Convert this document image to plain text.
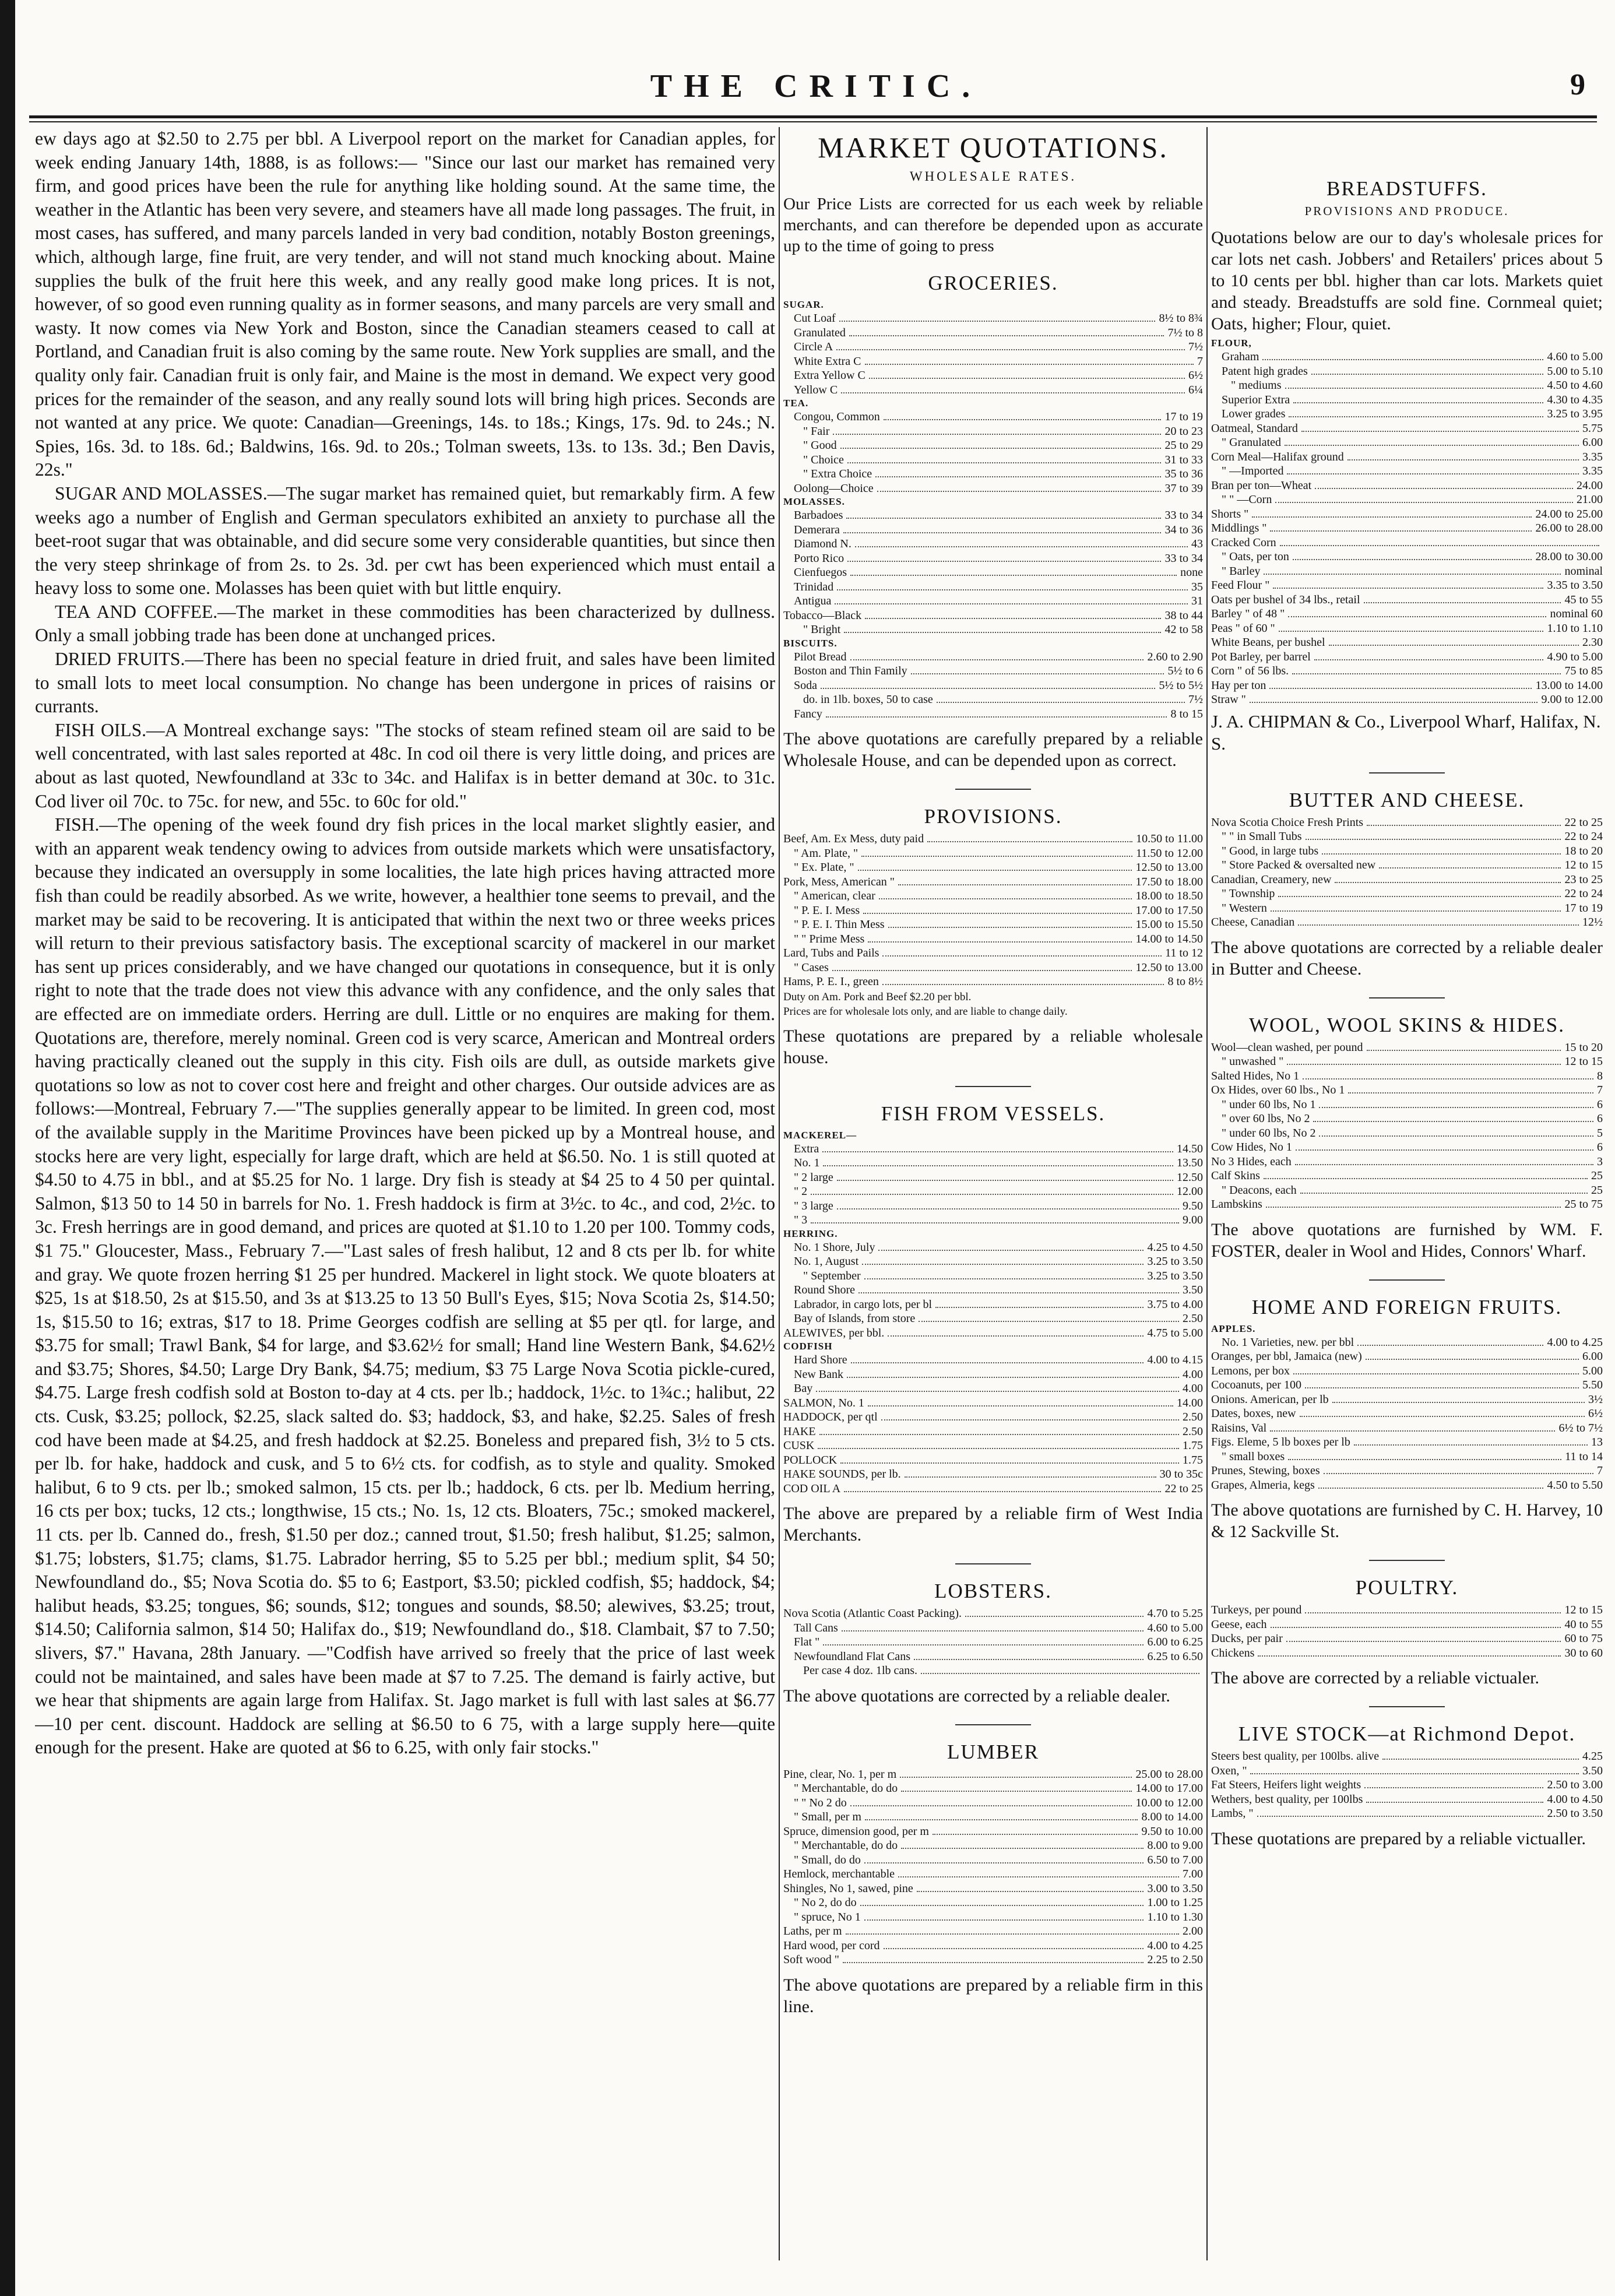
THE CRITIC.	9

ew days ago at $2.50 to 2.75 per bbl. A Liverpool report on the market for Canadian apples, for week ending January 14th, 1888, is as follows:— "Since our last our market has remained very firm, and good prices have been the rule for anything like holding sound. At the same time, the weather in the Atlantic has been very severe, and steamers have all made long passages. The fruit, in most cases, has suffered, and many parcels landed in very bad condition, notably Boston greenings, which, although large, fine fruit, are very tender, and will not stand much knocking about. Maine supplies the bulk of the fruit here this week, and any really good make long prices. It is not, however, of so good even running quality as in former seasons, and many parcels are very small and wasty. It now comes via New York and Boston, since the Canadian steamers ceased to call at Portland, and Canadian fruit is also coming by the same route. New York supplies are small, and the quality only fair. Canadian fruit is only fair, and Maine is the most in demand. We expect very good prices for the remainder of the season, and any really sound lots will bring high prices. Seconds are not wanted at any price. We quote: Canadian—Greenings, 14s. to 18s.; Kings, 17s. 9d. to 24s.; N. Spies, 16s. 3d. to 18s. 6d.; Baldwins, 16s. 9d. to 20s.; Tolman sweets, 13s. to 13s. 3d.; Ben Davis, 22s."

SUGAR AND MOLASSES.—The sugar market has remained quiet, but remarkably firm. A few weeks ago a number of English and German speculators exhibited an anxiety to purchase all the beet-root sugar that was obtainable, and did secure some very considerable quantities, but since then the very steep shrinkage of from 2s. to 2s. 3d. per cwt has been experienced which must entail a heavy loss to some one. Molasses has been quiet with but little enquiry.

TEA AND COFFEE.—The market in these commodities has been characterized by dullness. Only a small jobbing trade has been done at unchanged prices.

DRIED FRUITS.—There has been no special feature in dried fruit, and sales have been limited to small lots to meet local consumption. No change has been undergone in prices of raisins or currants.

FISH OILS.—A Montreal exchange says: "The stocks of steam refined steam oil are said to be well concentrated, with last sales reported at 48c. In cod oil there is very little doing, and prices are about as last quoted, Newfoundland at 33c to 34c. and Halifax is in better demand at 30c. to 31c. Cod liver oil 70c. to 75c. for new, and 55c. to 60c for old."

FISH.—The opening of the week found dry fish prices in the local market slightly easier, and with an apparent weak tendency owing to advices from outside markets which were unsatisfactory, because they indicated an oversupply in some localities, the late high prices having attracted more fish than could be readily absorbed. As we write, however, a healthier tone seems to prevail, and the market may be said to be recovering. It is anticipated that within the next two or three weeks prices will return to their previous satisfactory basis. The exceptional scarcity of mackerel in our market has sent up prices considerably, and we have changed our quotations in consequence, but it is only right to note that the trade does not view this advance with any confidence, and the only sales that are effected are on immediate orders. Herring are dull. Little or no enquires are making for them. Quotations are, therefore, merely nominal. Green cod is very scarce, American and Montreal orders having practically cleaned out the supply in this city. Fish oils are dull, as outside markets give quotations so low as not to cover cost here and freight and other charges. Our outside advices are as follows:—Montreal, February 7.—"The supplies generally appear to be limited. In green cod, most of the available supply in the Maritime Provinces have been picked up by a Montreal house, and stocks here are very light, especially for large draft, which are held at $6.50. No. 1 is still quoted at $4.50 to 4.75 in bbl., and at $5.25 for No. 1 large. Dry fish is steady at $4 25 to 4 50 per quintal. Salmon, $13 50 to 14 50 in barrels for No. 1. Fresh haddock is firm at 3½c. to 4c., and cod, 2½c. to 3c. Fresh herrings are in good demand, and prices are quoted at $1.10 to 1.20 per 100. Tommy cods, $1 75." Gloucester, Mass., February 7.—"Last sales of fresh halibut, 12 and 8 cts per lb. for white and gray. We quote frozen herring $1 25 per hundred. Mackerel in light stock. We quote bloaters at $25, 1s at $18.50, 2s at $15.50, and 3s at $13.25 to 13 50 Bull's Eyes, $15; Nova Scotia 2s, $14.50; 1s, $15.50 to 16; extras, $17 to 18. Prime Georges codfish are selling at $5 per qtl. for large, and $3.75 for small; Trawl Bank, $4 for large, and $3.62½ for small; Hand line Western Bank, $4.62½ and $3.75; Shores, $4.50; Large Dry Bank, $4.75; medium, $3 75 Large Nova Scotia pickle-cured, $4.75. Large fresh codfish sold at Boston to-day at 4 cts. per lb.; haddock, 1½c. to 1¾c.; halibut, 22 cts. Cusk, $3.25; pollock, $2.25, slack salted do. $3; haddock, $3, and hake, $2.25. Sales of fresh cod have been made at $4.25, and fresh haddock at $2.25. Boneless and prepared fish, 3½ to 5 cts. per lb. for hake, haddock and cusk, and 5 to 6½ cts. for codfish, as to style and quality. Smoked halibut, 6 to 9 cts. per lb.; smoked salmon, 15 cts. per lb.; haddock, 6 cts. per lb. Medium herring, 16 cts per box; tucks, 12 cts.; longthwise, 15 cts.; No. 1s, 12 cts. Bloaters, 75c.; smoked mackerel, 11 cts. per lb. Canned do., fresh, $1.50 per doz.; canned trout, $1.50; fresh halibut, $1.25; salmon, $1.75; lobsters, $1.75; clams, $1.75. Labrador herring, $5 to 5.25 per bbl.; medium split, $4 50; Newfoundland do., $5; Nova Scotia do. $5 to 6; Eastport, $3.50; pickled codfish, $5; haddock, $4; halibut heads, $3.25; tongues, $6; sounds, $12; tongues and sounds, $8.50; alewives, $3.25; trout, $14.50; California salmon, $14 50; Halifax do., $19; Newfoundland do., $18. Clambait, $7 to 7.50; slivers, $7." Havana, 28th January. —"Codfish have arrived so freely that the price of last week could not be maintained, and sales have been made at $7 to 7.25. The demand is fairly active, but we hear that shipments are again large from Halifax. St. Jago market is full with last sales at $6.77—10 per cent. discount. Haddock are selling at $6.50 to 6 75, with a large supply here—quite enough for the present. Hake are quoted at $6 to 6.25, with only fair stocks."

MARKET QUOTATIONS.
WHOLESALE RATES.

Our Price Lists are corrected for us each week by reliable merchants, and can therefore be depended upon as accurate up to the time of going to press

GROCERIES.
SUGAR.
Cut Loaf	8½ to 8¾
Granulated	7½ to 8
Circle A	7½
White Extra C	7
Extra Yellow C	6½
Yellow C	6¼
TEA.
Congou, Common	17 to 19
" Fair	20 to 23
" Good	25 to 29
" Choice	31 to 33
" Extra Choice	35 to 36
Oolong—Choice	37 to 39
MOLASSES.
Barbadoes	33 to 34
Demerara	34 to 36
Diamond N.	43
Porto Rico	33 to 34
Cienfuegos	none
Trinidad	35
Antigua	31
Tobacco—Black	38 to 44
" Bright	42 to 58
BISCUITS.
Pilot Bread	2.60 to 2.90
Boston and Thin Family	5½ to 6
Soda	5½ to 5½
do. in 1lb. boxes, 50 to case	7½
Fancy	8 to 15

The above quotations are carefully prepared by a reliable Wholesale House, and can be depended upon as correct.

PROVISIONS.
Beef, Am. Ex Mess, duty paid	10.50 to 11.00
" Am. Plate, "	11.50 to 12.00
" Ex. Plate, "	12.50 to 13.00
Pork, Mess, American "	17.50 to 18.00
" American, clear	18.00 to 18.50
" P. E. I. Mess	17.00 to 17.50
" P. E. I. Thin Mess	15.00 to 15.50
" " Prime Mess	14.00 to 14.50
Lard, Tubs and Pails	11 to 12
" Cases	12.50 to 13.00
Hams, P. E. I., green	8 to 8½
Duty on Am. Pork and Beef $2.20 per bbl.
Prices are for wholesale lots only, and are liable to change daily.

These quotations are prepared by a reliable wholesale house.

FISH FROM VESSELS.
MACKEREL—
Extra	14.50
No. 1	13.50
" 2 large	12.50
" 2	12.00
" 3 large	9.50
" 3	9.00
HERRING.
No. 1 Shore, July	4.25 to 4.50
No. 1, August	3.25 to 3.50
" September	3.25 to 3.50
Round Shore	3.50
Labrador, in cargo lots, per bl	3.75 to 4.00
Bay of Islands, from store	2.50
ALEWIVES, per bbl.	4.75 to 5.00
CODFISH
Hard Shore	4.00 to 4.15
New Bank	4.00
Bay	4.00
SALMON, No. 1	14.00
HADDOCK, per qtl	2.50
HAKE	2.50
CUSK	1.75
POLLOCK	1.75
HAKE SOUNDS, per lb.	30 to 35c
COD OIL A	22 to 25

The above are prepared by a reliable firm of West India Merchants.

LOBSTERS.
Nova Scotia (Atlantic Coast Packing).	4.70 to 5.25
Tall Cans	4.60 to 5.00
Flat "	6.00 to 6.25
Newfoundland Flat Cans	6.25 to 6.50
Per case 4 doz. 1lb cans.

The above quotations are corrected by a reliable dealer.

LUMBER
Pine, clear, No. 1, per m	25.00 to 28.00
" Merchantable, do do	14.00 to 17.00
" " No 2 do	10.00 to 12.00
" Small, per m	8.00 to 14.00
Spruce, dimension good, per m	9.50 to 10.00
" Merchantable, do do	8.00 to 9.00
" Small, do do	6.50 to 7.00
Hemlock, merchantable	7.00
Shingles, No 1, sawed, pine	3.00 to 3.50
" No 2, do do	1.00 to 1.25
" spruce, No 1	1.10 to 1.30
Laths, per m	2.00
Hard wood, per cord	4.00 to 4.25
Soft wood "	2.25 to 2.50

The above quotations are prepared by a reliable firm in this line.

BREADSTUFFS.
PROVISIONS AND PRODUCE.

Quotations below are our to day's wholesale prices for car lots net cash. Jobbers' and Retailers' prices about 5 to 10 cents per bbl. higher than car lots. Markets quiet and steady. Breadstuffs are sold fine. Cornmeal quiet; Oats, higher; Flour, quiet.

FLOUR,
Graham	4.60 to 5.00
Patent high grades	5.00 to 5.10
" mediums	4.50 to 4.60
Superior Extra	4.30 to 4.35
Lower grades	3.25 to 3.95
Oatmeal, Standard	5.75
" Granulated	6.00
Corn Meal—Halifax ground	3.35
" —Imported	3.35
Bran per ton—Wheat	24.00
" " —Corn	21.00
Shorts "	24.00 to 25.00
Middlings "	26.00 to 28.00
Cracked Corn
" Oats, per ton	28.00 to 30.00
" Barley	nominal
Feed Flour "	3.35 to 3.50
Oats per bushel of 34 lbs., retail	45 to 55
Barley " of 48 "	nominal 60
Peas " of 60 "	1.10 to 1.10
White Beans, per bushel	2.30
Pot Barley, per barrel	4.90 to 5.00
Corn " of 56 lbs.	75 to 85
Hay per ton	13.00 to 14.00
Straw "	9.00 to 12.00

J. A. CHIPMAN & Co., Liverpool Wharf, Halifax, N. S.

BUTTER AND CHEESE.
Nova Scotia Choice Fresh Prints	22 to 25
" " in Small Tubs	22 to 24
" Good, in large tubs	18 to 20
" Store Packed & oversalted new	12 to 15
Canadian, Creamery, new	23 to 25
" Township	22 to 24
" Western	17 to 19
Cheese, Canadian	12½

The above quotations are corrected by a reliable dealer in Butter and Cheese.

WOOL, WOOL SKINS & HIDES.
Wool—clean washed, per pound	15 to 20
" unwashed "	12 to 15
Salted Hides, No 1	8
Ox Hides, over 60 lbs., No 1	7
" under 60 lbs, No 1	6
" over 60 lbs, No 2	6
" under 60 lbs, No 2	5
Cow Hides, No 1	6
No 3 Hides, each	3
Calf Skins	25
" Deacons, each	25
Lambskins	25 to 75

The above quotations are furnished by WM. F. FOSTER, dealer in Wool and Hides, Connors' Wharf.

HOME AND FOREIGN FRUITS.
APPLES.
No. 1 Varieties, new. per bbl	4.00 to 4.25
Oranges, per bbl, Jamaica (new)	6.00
Lemons, per box	5.00
Cocoanuts, per 100	5.50
Onions. American, per lb	3½
Dates, boxes, new	6½
Raisins, Val	6½ to 7½
Figs. Eleme, 5 lb boxes per lb	13
" small boxes	11 to 14
Prunes, Stewing, boxes	7
Grapes, Almeria, kegs	4.50 to 5.50

The above quotations are furnished by C. H. Harvey, 10 & 12 Sackville St.

POULTRY.
Turkeys, per pound	12 to 15
Geese, each	40 to 55
Ducks, per pair	60 to 75
Chickens	30 to 60

The above are corrected by a reliable victualer.

LIVE STOCK—at Richmond Depot.
Steers best quality, per 100lbs. alive	4.25
Oxen, "	3.50
Fat Steers, Heifers light weights	2.50 to 3.00
Wethers, best quality, per 100lbs	4.00 to 4.50
Lambs, "	2.50 to 3.50

These quotations are prepared by a reliable victualler.
